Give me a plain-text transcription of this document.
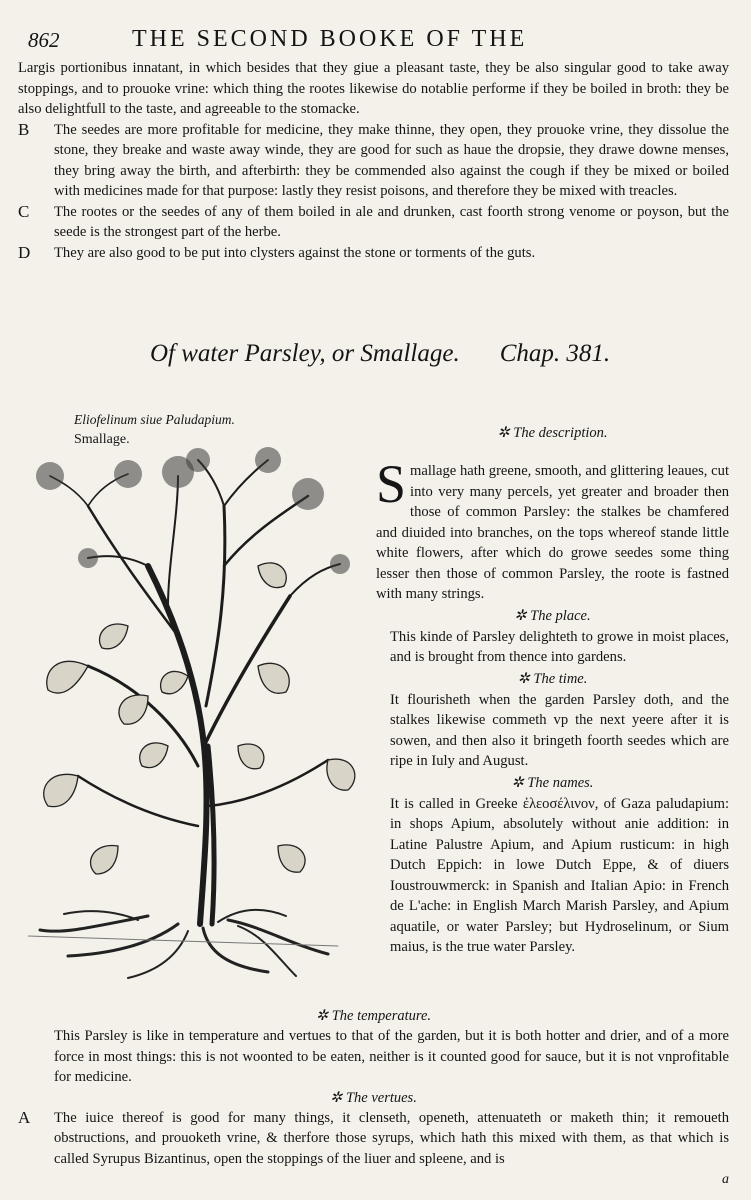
862	THE SECOND BOOKE OF THE

Largis portionibus innatant, in which besides that they giue a pleasant taste, they be also singular good to take away stoppings, and to prouoke vrine: which thing the rootes likewise do notablie performe if they be boiled in broth: they be also delightfull to the taste, and agreeable to the stomacke.

B The seedes are more profitable for medicine, they make thinne, they open, they prouoke vrine, they dissolue the stone, they breake and waste away winde, they are good for such as haue the dropsie, they drawe downe menses, they bring away the birth, and afterbirth: they be commended also against the cough if they be mixed or boiled with medicines made for that purpose: lastly they resist poisons, and therefore they be mixed with treacles.

C The rootes or the seedes of any of them boiled in ale and drunken, cast foorth strong venome or poyson, but the seede is the strongest part of the herbe.

D They are also good to be put into clysters against the stone or torments of the guts.

Of water Parsley, or Smallage. Chap. 381.
Eliofelinum siue Paludapium.
Smallage.	✲ The description.

Smallage hath greene, smooth, and glittering leaues, cut into very many percels, yet greater and broader then those of common Parsley: the stalkes be chamfered and diuided into branches, on the tops whereof stande little white flowers, after which do growe seedes some thing lesser then those of common Parsley, the roote is fastned with many strings.

✲ The place.

This kinde of Parsley delighteth to growe in moist places, and is brought from thence into gardens.

✲ The time.

It flourisheth when the garden Parsley doth, and the stalkes likewise commeth vp the next yeere after it is sowen, and then also it bringeth foorth seedes which are ripe in Iuly and August.

✲ The names.

It is called in Greeke ἐλεοσέλινον, of Gaza paludapium: in shops Apium, absolutely without anie addition: in Latine Palustre Apium, and Apium rusticum: in high Dutch Eppich: in lowe Dutch Eppe, & of diuers Ioustrouwmerck: in Spanish and Italian Apio: in French de L'ache: in English March Marish Parsley, and Apium aquatile, or water Parsley; but Hydroselinum, or Sium maius, is the true water Parsley.

✲ The temperature.

This Parsley is like in temperature and vertues to that of the garden, but it is both hotter and drier, and of a more force in most things: this is not woonted to be eaten, neither is it counted good for sauce, but it is not vnprofitable for medicine.

✲ The vertues.

A The iuice thereof is good for many things, it clenseth, openeth, attenuateth or maketh thin; it remoueth obstructions, and prouoketh vrine, & therfore those syrups, which hath this mixed with them, as that which is called Syrupus Bizantinus, open the stoppings of the liuer and spleene, and is

a
